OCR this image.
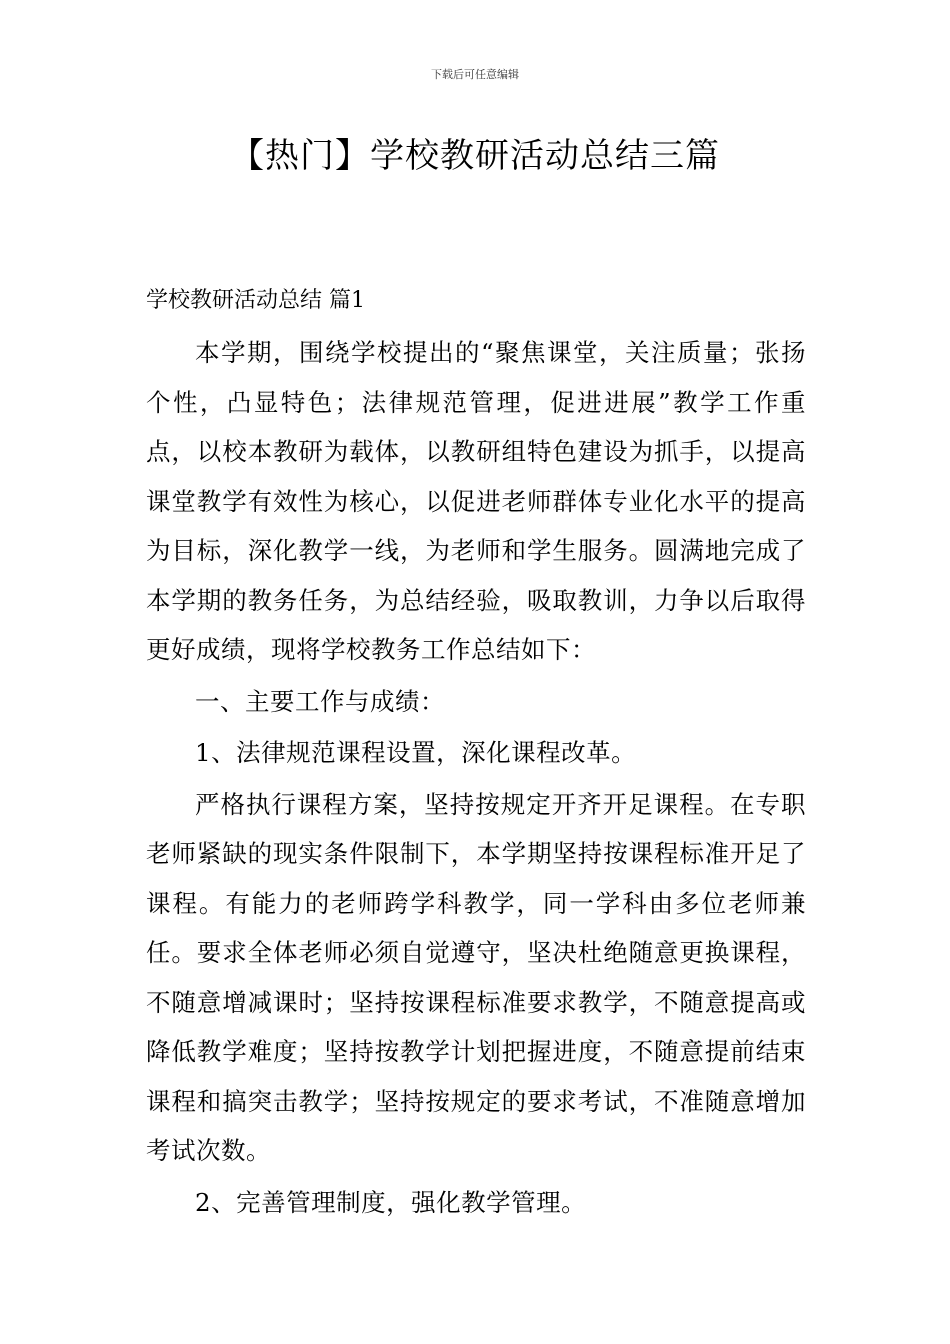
下载后可任意编辑
【热门】学校教研活动总结三篇
学校教研活动总结 篇1

本学期，围绕学校提出的“聚焦课堂，关注质量；张扬个性，凸显特色；法律规范管理，促进进展”教学工作重点，以校本教研为载体，以教研组特色建设为抓手，以提高课堂教学有效性为核心，以促进老师群体专业化水平的提高为目标，深化教学一线，为老师和学生服务。圆满地完成了本学期的教务任务，为总结经验，吸取教训，力争以后取得更好成绩，现将学校教务工作总结如下：

一、主要工作与成绩：

1、法律规范课程设置，深化课程改革。

严格执行课程方案，坚持按规定开齐开足课程。在专职老师紧缺的现实条件限制下，本学期坚持按课程标准开足了课程。有能力的老师跨学科教学，同一学科由多位老师兼任。要求全体老师必须自觉遵守，坚决杜绝随意更换课程，不随意增减课时；坚持按课程标准要求教学，不随意提高或降低教学难度；坚持按教学计划把握进度，不随意提前结束课程和搞突击教学；坚持按规定的要求考试，不准随意增加考试次数。

2、完善管理制度，强化教学管理。
